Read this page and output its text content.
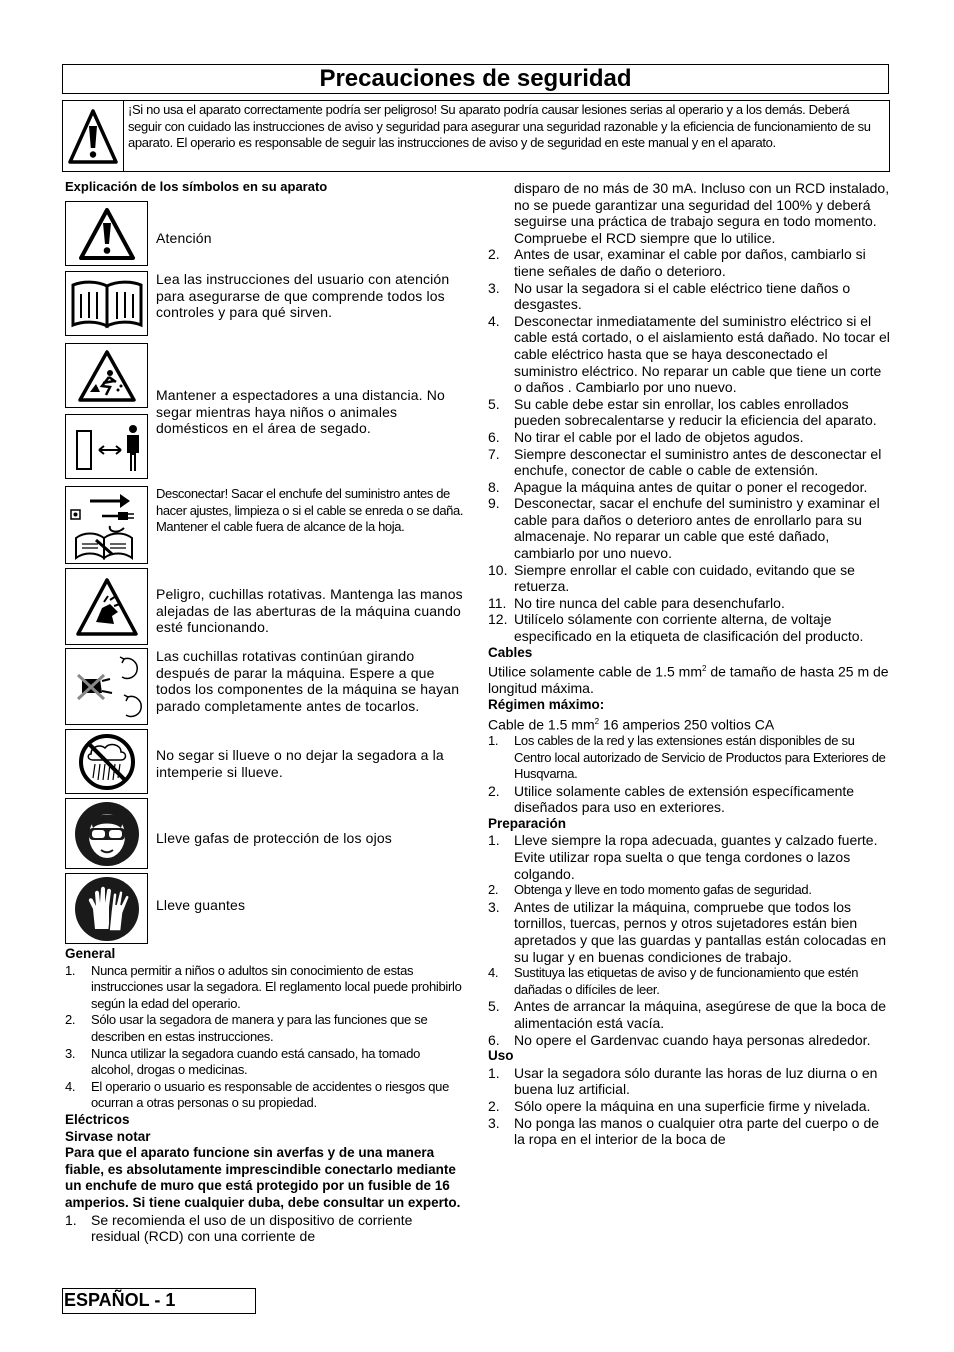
Precauciones de seguridad
¡Si no usa el aparato correctamente podría ser peligroso! Su aparato podría causar lesiones serias al operario y a los demás. Deberá seguir con cuidado las instrucciones de aviso y seguridad para asegurar una seguridad razonable y la eficiencia de funcionamiento de su aparato. El operario es responsable de seguir las instrucciones de aviso y de seguridad en este manual y en el aparato.
Explicación de los símbolos en su aparato
Atención
Lea las instrucciones del usuario con atención para asegurarse de que comprende todos los controles y para qué sirven.
Mantener a espectadores a una distancia. No segar mientras haya niños o animales domésticos en el área de segado.
Desconectar! Sacar el enchufe del suministro antes de hacer ajustes, limpieza o si el cable se enreda o se daña. Mantener el cable fuera de alcance de la hoja.
Peligro, cuchillas rotativas. Mantenga las manos alejadas de las aberturas de la máquina cuando esté funcionando.
Las cuchillas rotativas continúan girando después de parar la máquina. Espere a que todos los componentes de la máquina se hayan parado completamente antes de tocarlos.
No segar si llueve o no dejar la segadora a la intemperie si llueve.
Lleve gafas de protección de los ojos
Lleve guantes
General
1. Nunca permitir a niños o adultos sin conocimiento de estas instrucciones usar la segadora. El reglamento local puede prohibirlo según la edad del operario.
2. Sólo usar la segadora de manera y para las funciones que se describen en estas instrucciones.
3. Nunca utilizar la segadora cuando está cansado, ha tomado alcohol, drogas o medicinas.
4. El operario o usuario es responsable de accidentes o riesgos que ocurran a otras personas o su propiedad.
Eléctricos
Sirvase notar
Para que el aparato funcione sin averfas y de una manera fiable, es absolutamente imprescindible conectarlo mediante un enchufe de muro que está protegido por un fusible de 16 amperios. Si tiene cualquier duba, debe consultar un experto.
1. Se recomienda el uso de un dispositivo de corriente residual (RCD) con una corriente de
disparo de no más de 30 mA. Incluso con un RCD instalado, no se puede garantizar una seguridad del 100% y deberá seguirse una práctica de trabajo segura en todo momento. Compruebe el RCD siempre que lo utilice.
2. Antes de usar, examinar el cable por daños, cambiarlo si tiene señales de daño o deterioro.
3. No usar la segadora si el cable eléctrico tiene daños o desgastes.
4. Desconectar inmediatamente del suministro eléctrico si el cable está cortado, o el aislamiento está dañado. No tocar el cable eléctrico hasta que se haya desconectado el suministro eléctrico. No reparar un cable que tiene un corte o daños . Cambiarlo por uno nuevo.
5. Su cable debe estar sin enrollar, los cables enrollados pueden sobrecalentarse y reducir la eficiencia del aparato.
6. No tirar el cable por el lado de objetos agudos.
7. Siempre desconectar el suministro antes de desconectar el enchufe, conector de cable o cable de extensión.
8. Apague la máquina antes de quitar o poner el recogedor.
9. Desconectar, sacar el enchufe del suministro y examinar el cable para daños o deterioro antes de enrollarlo para su almacenaje. No reparar un cable que esté dañado, cambiarlo por uno nuevo.
10. Siempre enrollar el cable con cuidado, evitando que se retuerza.
11. No tire nunca del cable para desenchufarlo.
12. Utilícelo sólamente con corriente alterna, de voltaje especificado en la etiqueta de clasificación del producto.
Cables
Utilice solamente cable de 1.5 $mm^2$ de tamaño de hasta 25 m de longitud máxima.
Régimen máximo:
Cable de 1.5 $mm^2$ 16 amperios 250 voltios CA
1. Los cables de la red y las extensiones están disponibles de su Centro local autorizado de Servicio de Productos para Exteriores de Husqvarna.
2. Utilice solamente cables de extensión específicamente diseñados para uso en exteriores.
Preparación
1. Lleve siempre la ropa adecuada, guantes y calzado fuerte. Evite utilizar ropa suelta o que tenga cordones o lazos colgando.
2. Obtenga y lleve en todo momento gafas de seguridad.
3. Antes de utilizar la máquina, compruebe que todos los tornillos, tuercas, pernos y otros sujetadores están bien apretados y que las guardas y pantallas están colocadas en su lugar y en buenas condiciones de trabajo.
4. Sustituya las etiquetas de aviso y de funcionamiento que estén dañadas o difíciles de leer.
5. Antes de arrancar la máquina, asegúrese de que la boca de alimentación está vacía.
6. No opere el Gardenvac cuando haya personas alrededor.
Uso
1. Usar la segadora sólo durante las horas de luz diurna o en buena luz artificial.
2. Sólo opere la máquina en una superficie firme y nivelada.
3. No ponga las manos o cualquier otra parte del cuerpo o de la ropa en el interior de la boca de
ESPAÑOL - 1
